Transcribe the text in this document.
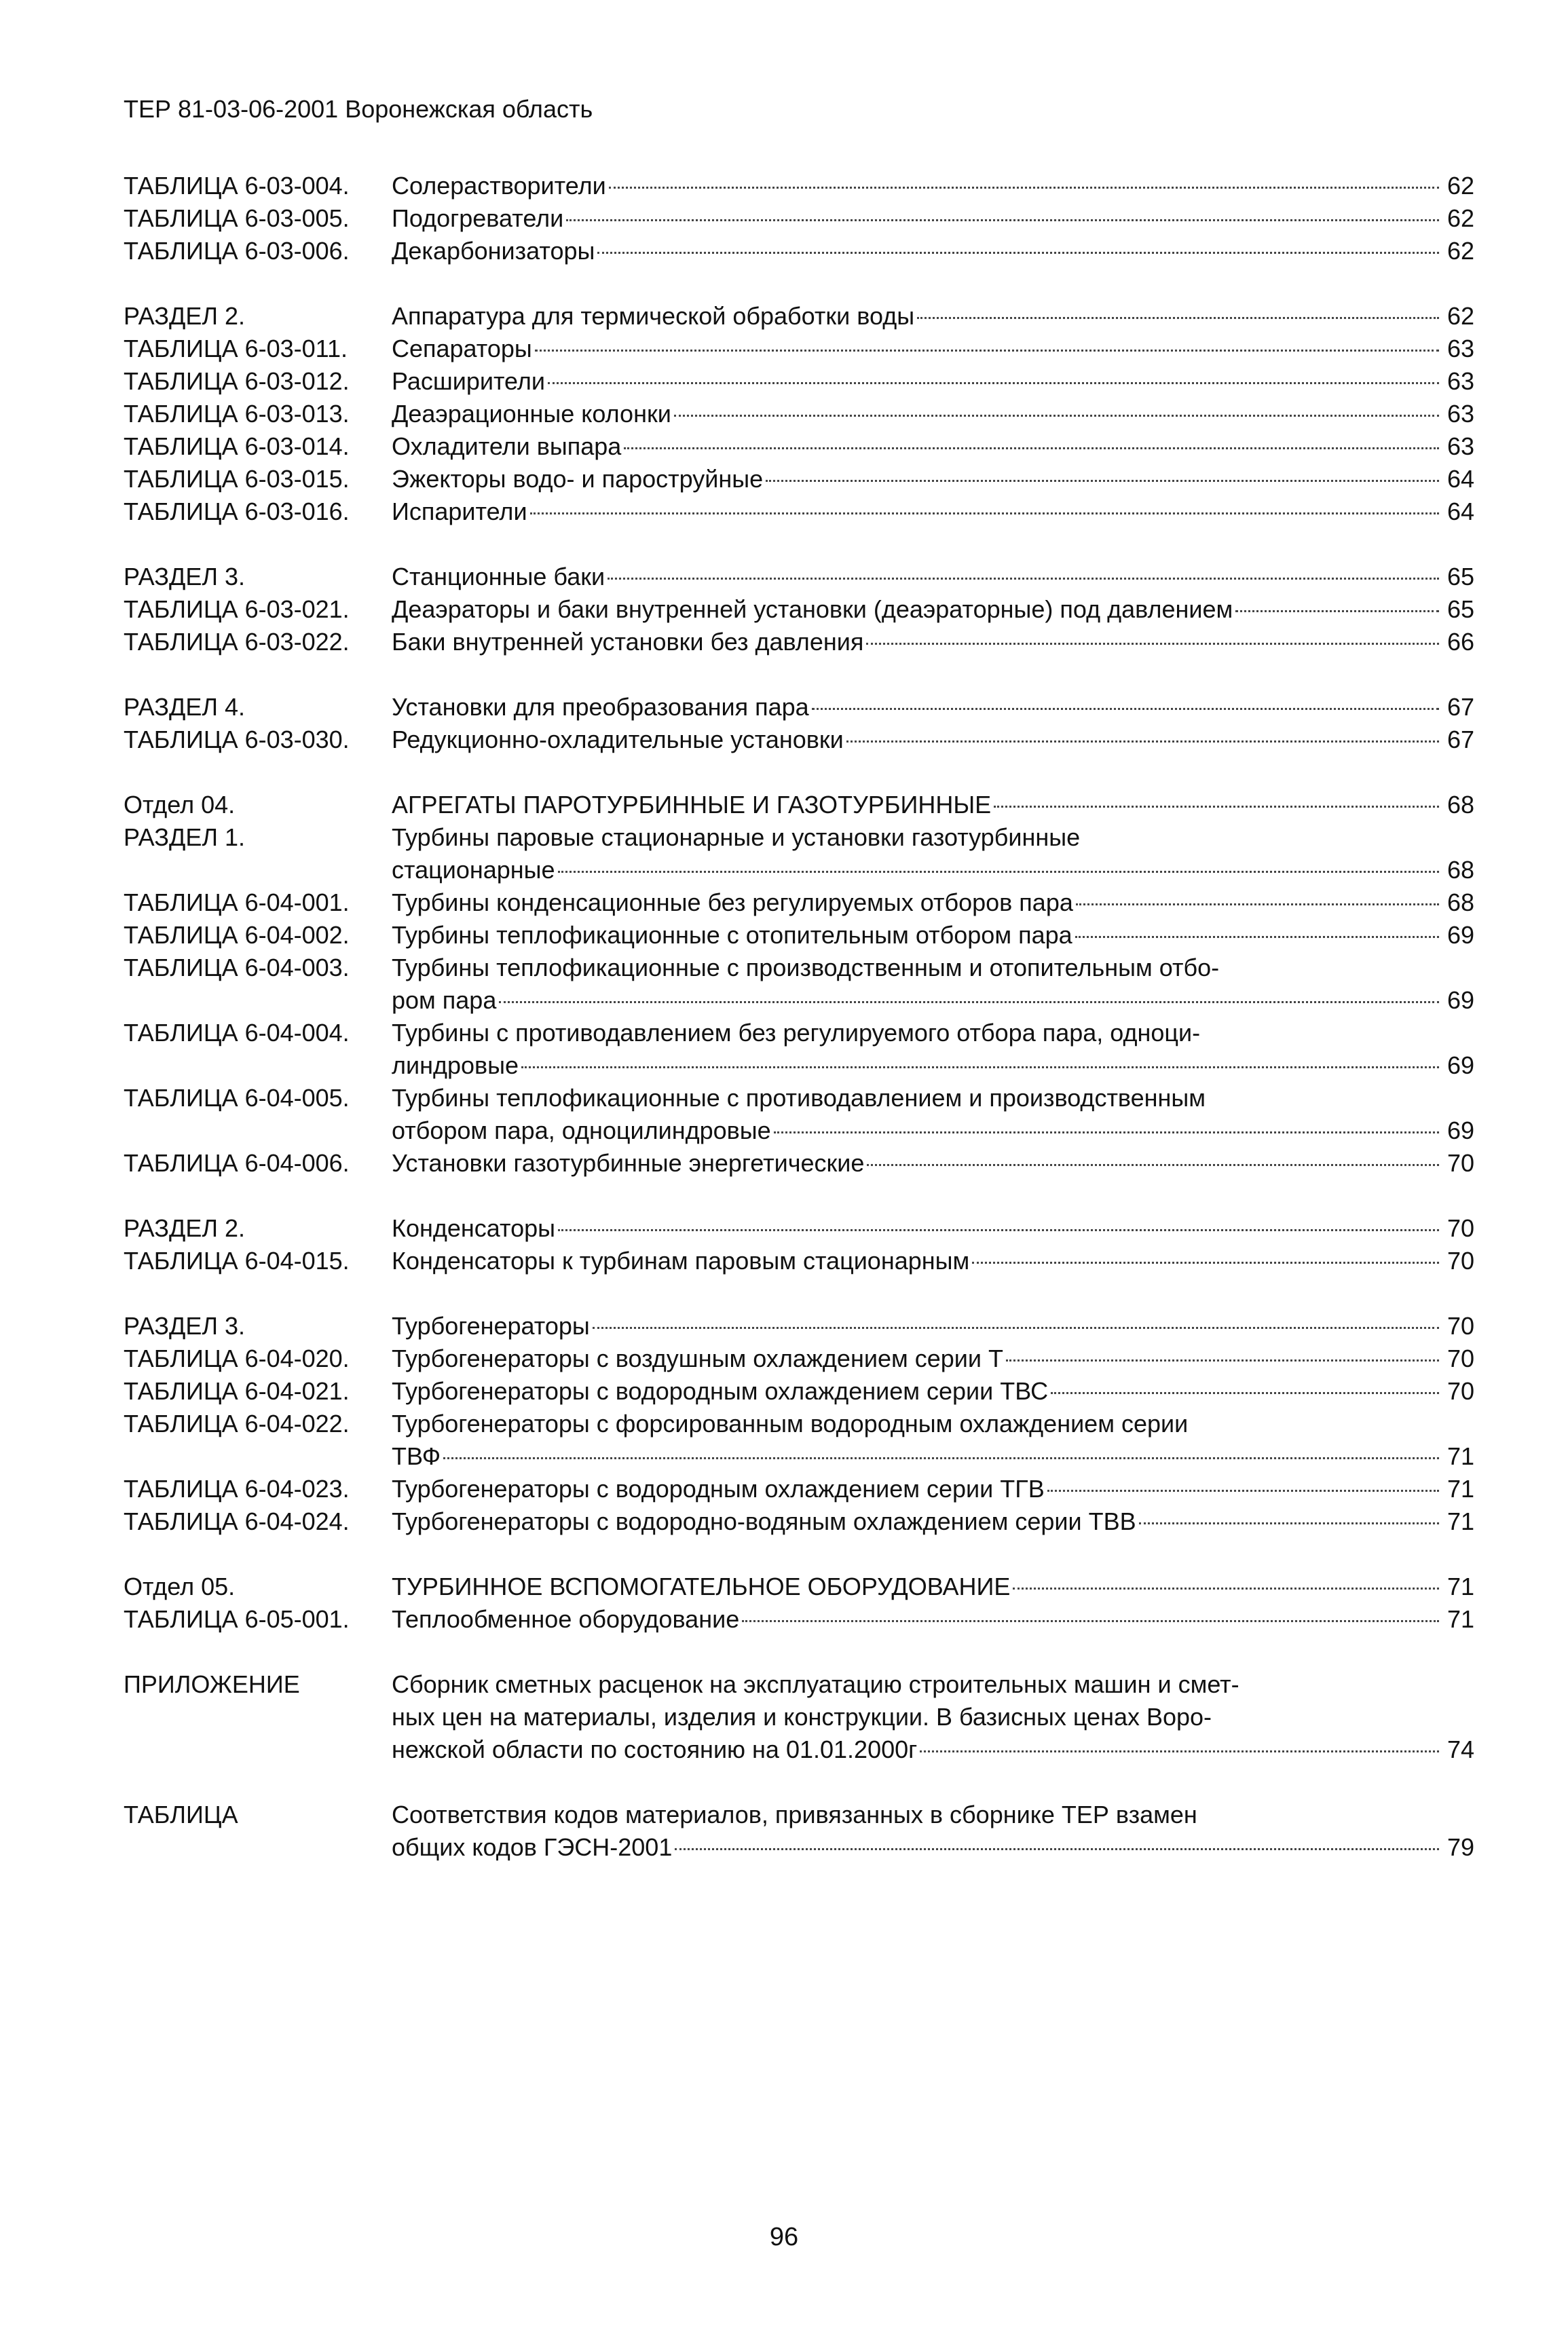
ТЕР 81-03-06-2001 Воронежская область
ТАБЛИЦА 6-03-004. Солерастворители	62
ТАБЛИЦА 6-03-005. Подогреватели	62
ТАБЛИЦА 6-03-006. Декарбонизаторы	62
РАЗДЕЛ 2.	Аппаратура для термической обработки воды	62
ТАБЛИЦА 6-03-011. Сепараторы	63
ТАБЛИЦА 6-03-012. Расширители	63
ТАБЛИЦА 6-03-013. Деаэрационные колонки	63
ТАБЛИЦА 6-03-014. Охладители выпара	63
ТАБЛИЦА 6-03-015. Эжекторы водо- и пароструйные	64
ТАБЛИЦА 6-03-016. Испарители	64
РАЗДЕЛ 3.	Станционные баки	65
ТАБЛИЦА 6-03-021. Деаэраторы и баки внутренней установки (деаэраторные) под давлением	65
ТАБЛИЦА 6-03-022. Баки внутренней установки без давления	66
РАЗДЕЛ 4.	Установки для преобразования пара	67
ТАБЛИЦА 6-03-030. Редукционно-охладительные установки	67
Отдел 04.	АГРЕГАТЫ ПАРОТУРБИННЫЕ И ГАЗОТУРБИННЫЕ	68
РАЗДЕЛ 1.	Турбины паровые стационарные и установки газотурбинные
стационарные	68
ТАБЛИЦА 6-04-001. Турбины конденсационные без регулируемых отборов пара	68
ТАБЛИЦА 6-04-002. Турбины теплофикационные с отопительным отбором пара	69
ТАБЛИЦА 6-04-003. Турбины теплофикационные с производственным и отопительным отбо-
ром пара	69
ТАБЛИЦА 6-04-004. Турбины с противодавлением без регулируемого отбора пара, одноци-
линдровые	69
ТАБЛИЦА 6-04-005. Турбины теплофикационные с противодавлением и производственным
отбором пара, одноцилиндровые	69
ТАБЛИЦА 6-04-006. Установки газотурбинные энергетические	70
РАЗДЕЛ 2.	Конденсаторы	70
ТАБЛИЦА 6-04-015. Конденсаторы к турбинам паровым стационарным	70
РАЗДЕЛ 3.	Турбогенераторы	70
ТАБЛИЦА 6-04-020. Турбогенераторы с воздушным охлаждением серии Т	70
ТАБЛИЦА 6-04-021. Турбогенераторы с водородным охлаждением серии ТВС	70
ТАБЛИЦА 6-04-022. Турбогенераторы с форсированным водородным охлаждением серии
ТВФ	71
ТАБЛИЦА 6-04-023. Турбогенераторы с водородным охлаждением серии ТГВ	71
ТАБЛИЦА 6-04-024. Турбогенераторы с водородно-водяным охлаждением серии ТВВ	71
Отдел 05.	ТУРБИННОЕ ВСПОМОГАТЕЛЬНОЕ ОБОРУДОВАНИЕ	71
ТАБЛИЦА 6-05-001. Теплообменное оборудование	71
ПРИЛОЖЕНИЕ	Сборник сметных расценок на эксплуатацию строительных машин и смет-
ных цен на материалы, изделия и конструкции. В базисных ценах Воро-
нежской области по состоянию на 01.01.2000г	74
ТАБЛИЦА	Соответствия кодов материалов, привязанных в сборнике ТЕР взамен
общих кодов ГЭСН-2001	79
96
